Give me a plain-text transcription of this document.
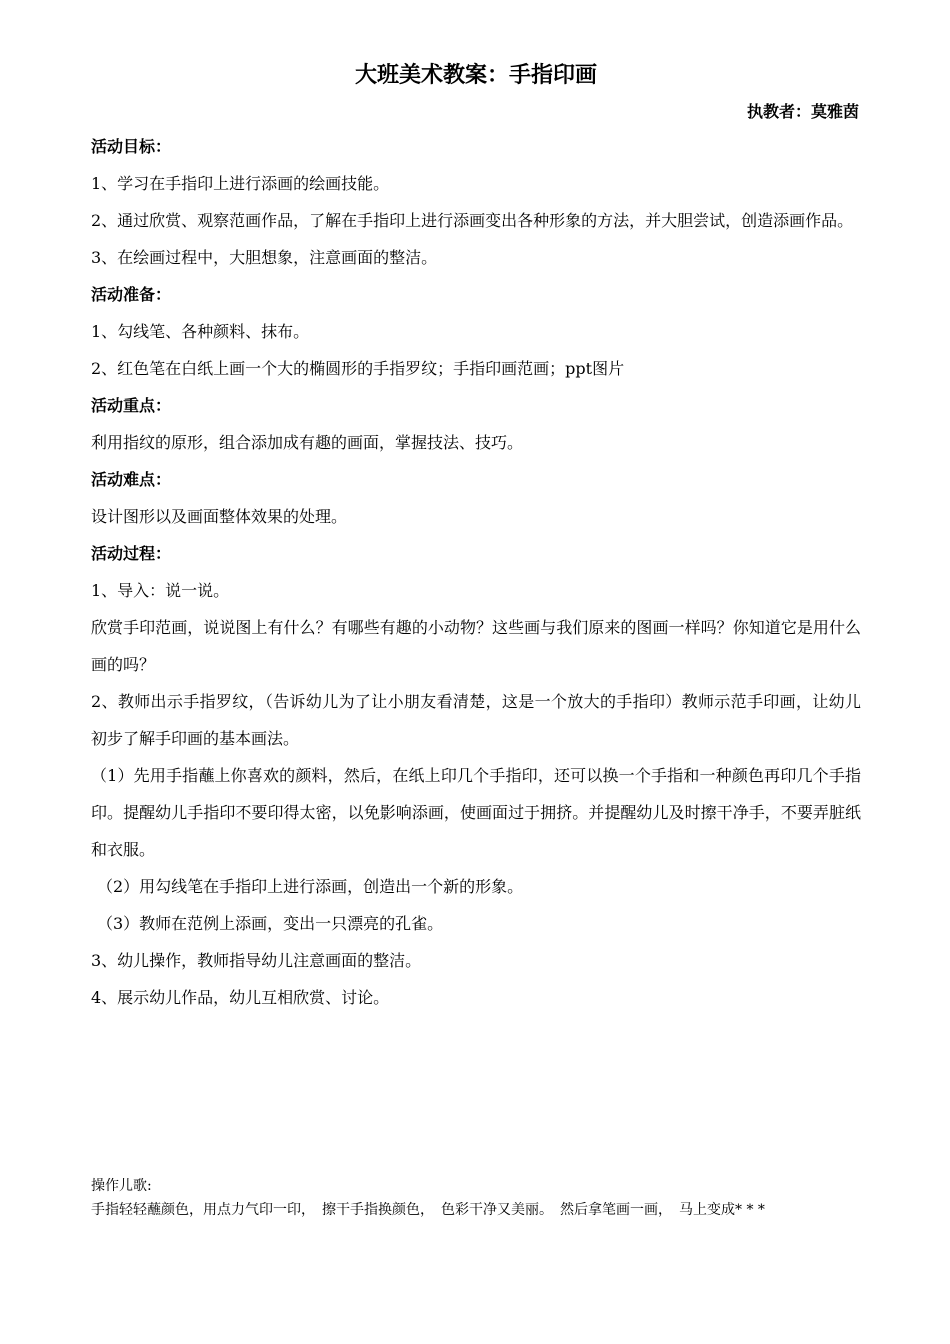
大班美术教案：手指印画
执教者：莫雅茵
活动目标：
1、学习在手指印上进行添画的绘画技能。
2、通过欣赏、观察范画作品，了解在手指印上进行添画变出各种形象的方法，并大胆尝试，创造添画作品。
3、在绘画过程中，大胆想象，注意画面的整洁。
活动准备：
1、勾线笔、各种颜料、抹布。
2、红色笔在白纸上画一个大的椭圆形的手指罗纹；手指印画范画；ppt图片
活动重点：
利用指纹的原形，组合添加成有趣的画面，掌握技法、技巧。
活动难点：
设计图形以及画面整体效果的处理。
活动过程：
1、导入：说一说。
欣赏手印范画，说说图上有什么？有哪些有趣的小动物？这些画与我们原来的图画一样吗？你知道它是用什么画的吗？
2、教师出示手指罗纹，（告诉幼儿为了让小朋友看清楚，这是一个放大的手指印）教师示范手印画，让幼儿初步了解手印画的基本画法。
（1）先用手指蘸上你喜欢的颜料，然后，在纸上印几个手指印，还可以换一个手指和一种颜色再印几个手指印。提醒幼儿手指印不要印得太密，以免影响添画，使画面过于拥挤。并提醒幼儿及时擦干净手，不要弄脏纸和衣服。
（2）用勾线笔在手指印上进行添画，创造出一个新的形象。
（3）教师在范例上添画，变出一只漂亮的孔雀。
3、幼儿操作，教师指导幼儿注意画面的整洁。
4、展示幼儿作品，幼儿互相欣赏、讨论。
操作儿歌:
手指轻轻蘸颜色，用点力气印一印，　擦干手指换颜色，　色彩干净又美丽。　然后拿笔画一画，　马上变成* * *
